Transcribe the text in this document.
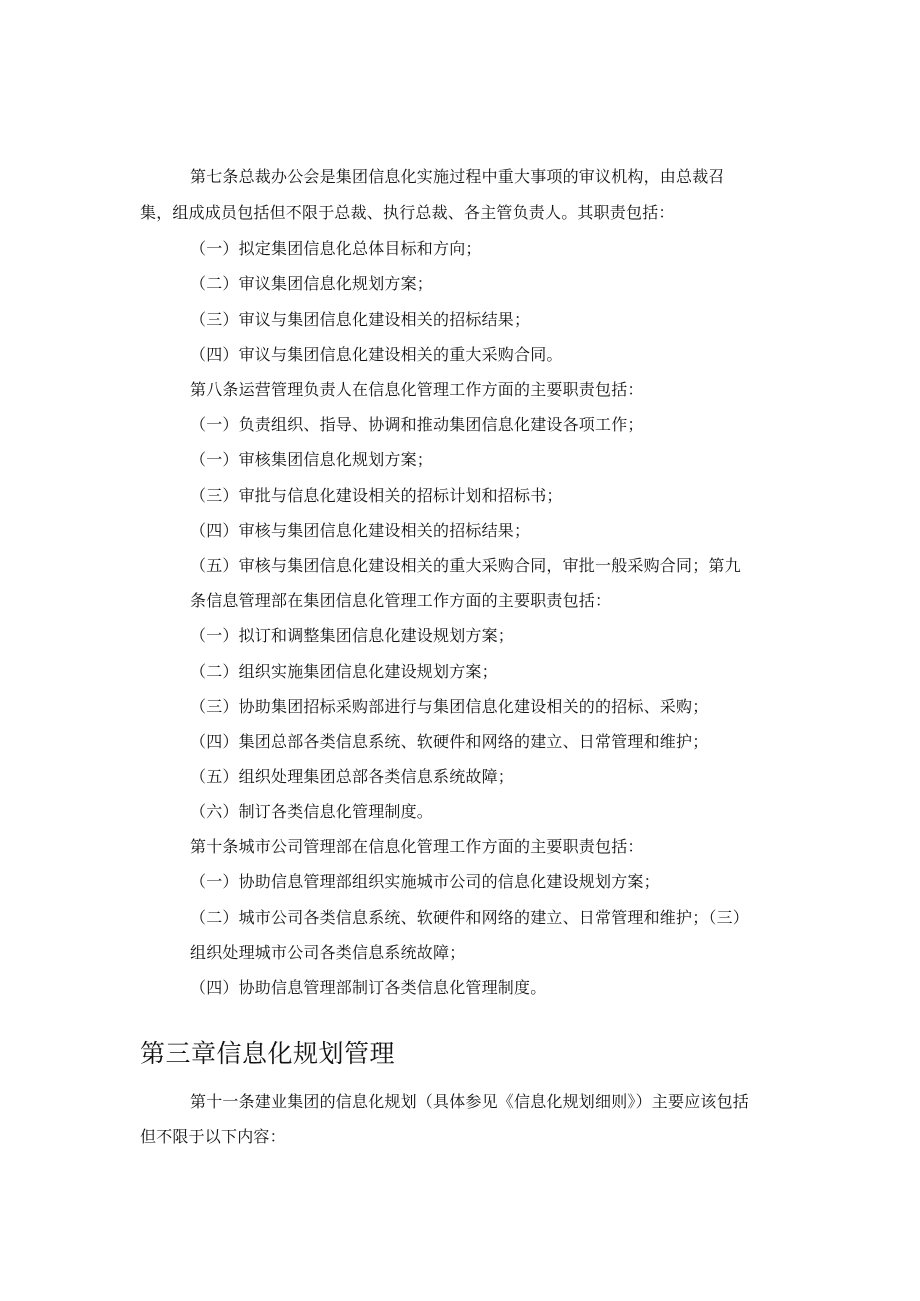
第七条总裁办公会是集团信息化实施过程中重大事项的审议机构，由总裁召
集，组成成员包括但不限于总裁、执行总裁、各主管负责人。其职责包括：
（一）拟定集团信息化总体目标和方向；
（二）审议集团信息化规划方案；
（三）审议与集团信息化建设相关的招标结果；
（四）审议与集团信息化建设相关的重大采购合同。
第八条运营管理负责人在信息化管理工作方面的主要职责包括：
（一）负责组织、指导、协调和推动集团信息化建设各项工作；
（一）审核集团信息化规划方案；
（三）审批与信息化建设相关的招标计划和招标书；
（四）审核与集团信息化建设相关的招标结果；
（五）审核与集团信息化建设相关的重大采购合同，审批一般采购合同；第九
条信息管理部在集团信息化管理工作方面的主要职责包括：
（一）拟订和调整集团信息化建设规划方案；
（二）组织实施集团信息化建设规划方案；
（三）协助集团招标采购部进行与集团信息化建设相关的的招标、采购；
（四）集团总部各类信息系统、软硬件和网络的建立、日常管理和维护；
（五）组织处理集团总部各类信息系统故障；
（六）制订各类信息化管理制度。
第十条城市公司管理部在信息化管理工作方面的主要职责包括：
（一）协助信息管理部组织实施城市公司的信息化建设规划方案；
（二）城市公司各类信息系统、软硬件和网络的建立、日常管理和维护；（三）
组织处理城市公司各类信息系统故障；
（四）协助信息管理部制订各类信息化管理制度。
第三章信息化规划管理
第十一条建业集团的信息化规划（具体参见《信息化规划细则》）主要应该包括
但不限于以下内容：
